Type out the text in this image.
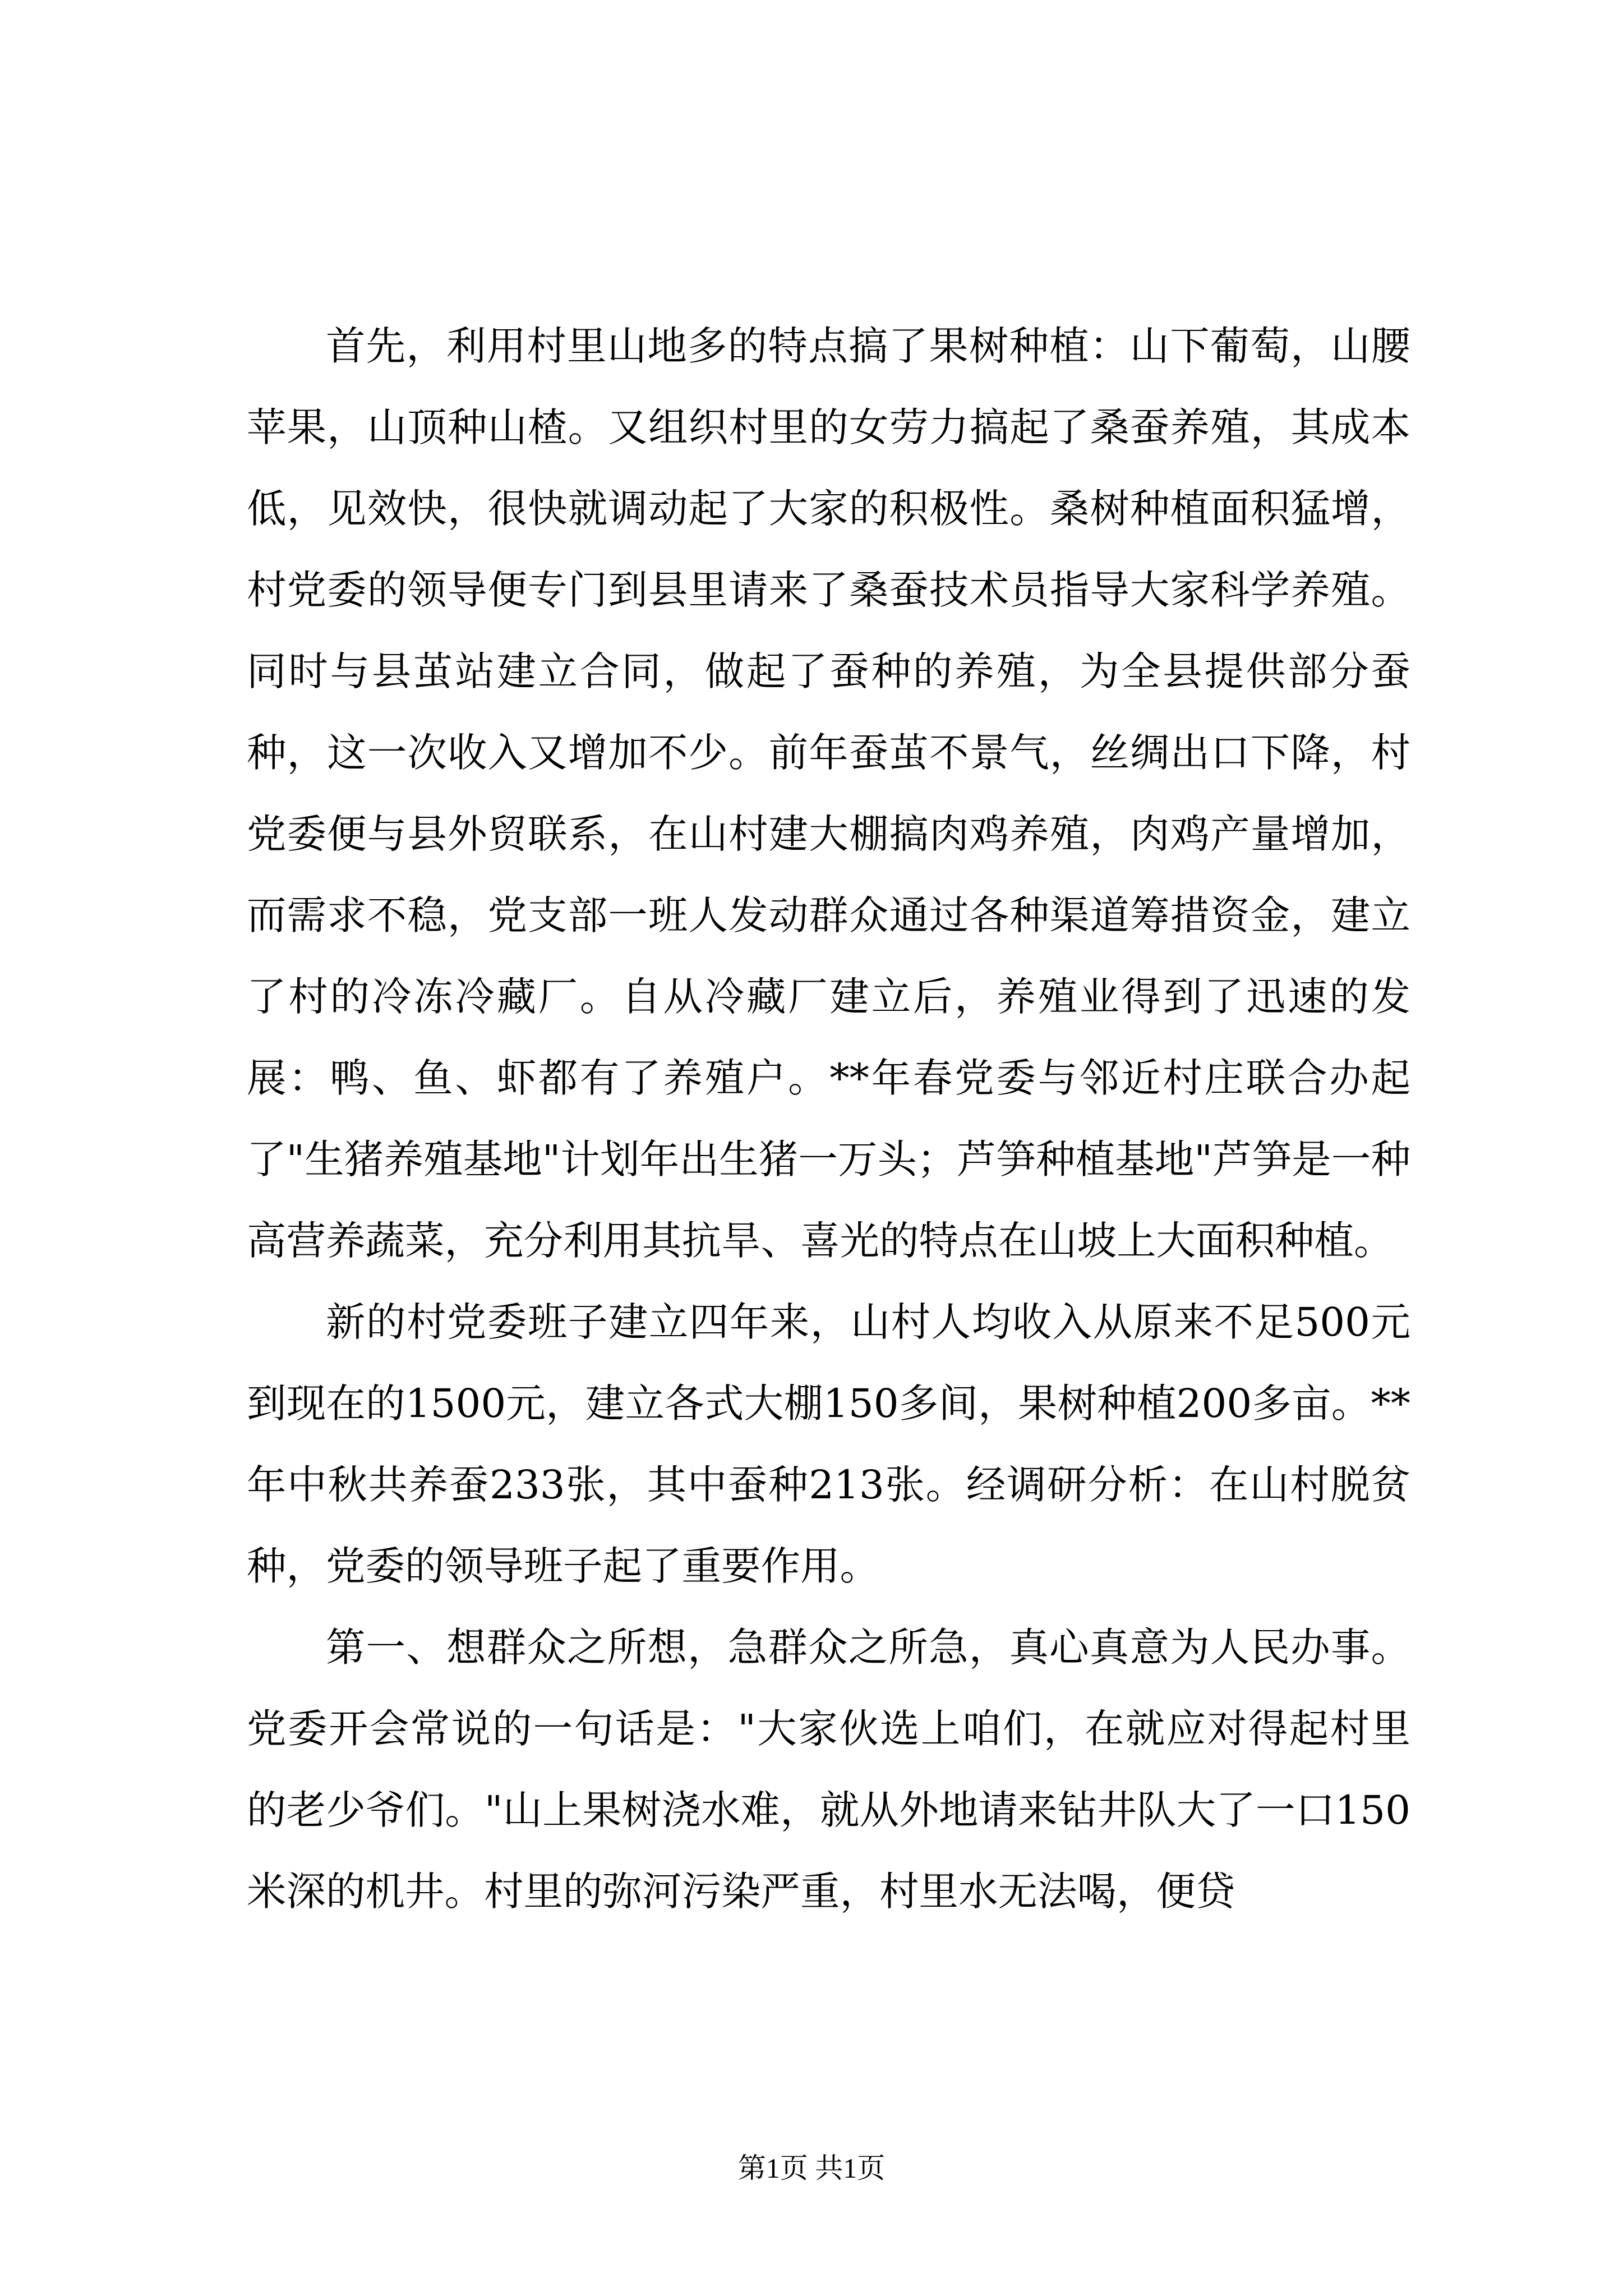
首先，利用村里山地多的特点搞了果树种植：山下葡萄，山腰苹果，山顶种山楂。又组织村里的女劳力搞起了桑蚕养殖，其成本低，见效快，很快就调动起了大家的积极性。桑树种植面积猛增，村党委的领导便专门到县里请来了桑蚕技术员指导大家科学养殖。同时与县茧站建立合同，做起了蚕种的养殖，为全县提供部分蚕种，这一次收入又增加不少。前年蚕茧不景气，丝绸出口下降，村党委便与县外贸联系，在山村建大棚搞肉鸡养殖，肉鸡产量增加，而需求不稳，党支部一班人发动群众通过各种渠道筹措资金，建立了村的冷冻冷藏厂。自从冷藏厂建立后，养殖业得到了迅速的发展：鸭、鱼、虾都有了养殖户。**年春党委与邻近村庄联合办起了"生猪养殖基地"计划年出生猪一万头；芦笋种植基地"芦笋是一种高营养蔬菜，充分利用其抗旱、喜光的特点在山坡上大面积种植。

新的村党委班子建立四年来，山村人均收入从原来不足500元到现在的1500元，建立各式大棚150多间，果树种植200多亩。**年中秋共养蚕233张，其中蚕种213张。经调研分析：在山村脱贫种，党委的领导班子起了重要作用。

第一、想群众之所想，急群众之所急，真心真意为人民办事。党委开会常说的一句话是："大家伙选上咱们，在就应对得起村里的老少爷们。"山上果树浇水难，就从外地请来钻井队大了一口150米深的机井。村里的弥河污染严重，村里水无法喝，便贷

第1页 共1页
